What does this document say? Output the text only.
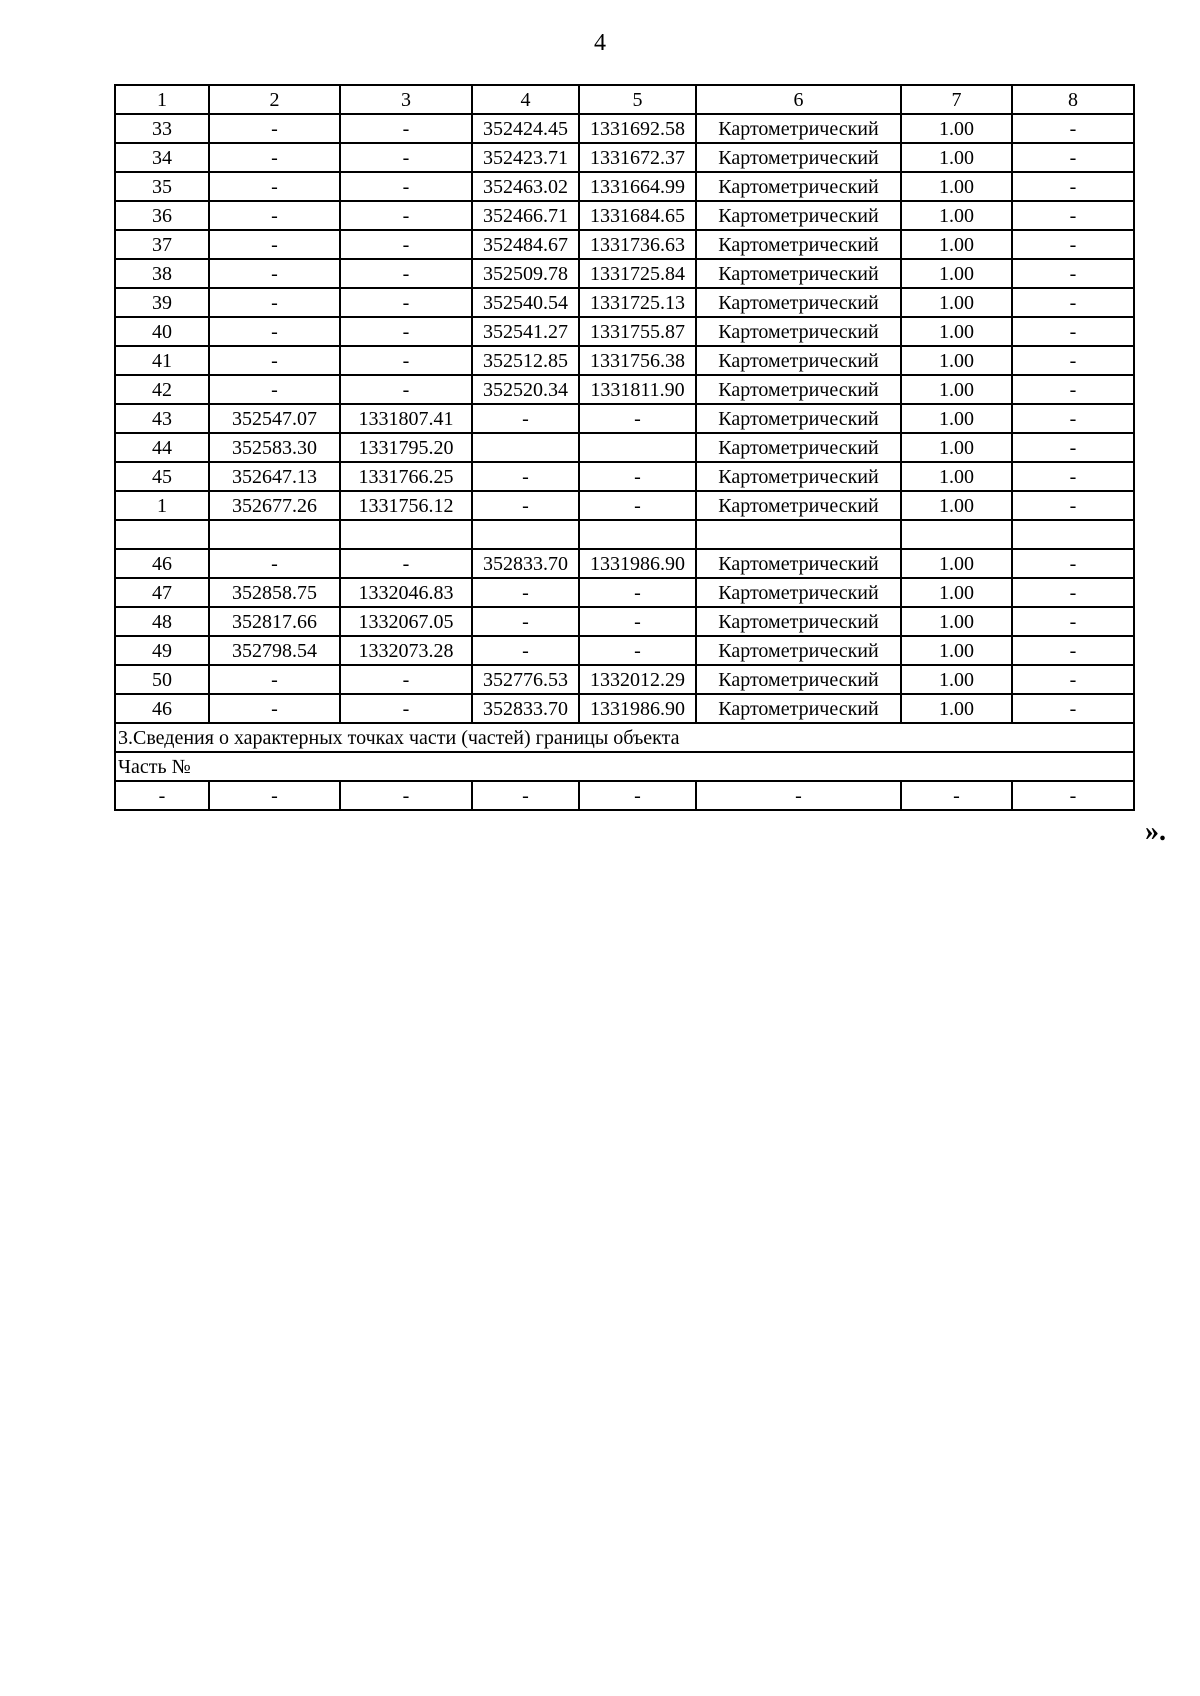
4
1	2	3	4	5	6	7	8
33	-	-	352424.45	1331692.58	Картометрический	1.00	-
34	-	-	352423.71	1331672.37	Картометрический	1.00	-
35	-	-	352463.02	1331664.99	Картометрический	1.00	-
36	-	-	352466.71	1331684.65	Картометрический	1.00	-
37	-	-	352484.67	1331736.63	Картометрический	1.00	-
38	-	-	352509.78	1331725.84	Картометрический	1.00	-
39	-	-	352540.54	1331725.13	Картометрический	1.00	-
40	-	-	352541.27	1331755.87	Картометрический	1.00	-
41	-	-	352512.85	1331756.38	Картометрический	1.00	-
42	-	-	352520.34	1331811.90	Картометрический	1.00	-
43	352547.07	1331807.41	-	-	Картометрический	1.00	-
44	352583.30	1331795.20			Картометрический	1.00	-
45	352647.13	1331766.25	-	-	Картометрический	1.00	-
1	352677.26	1331756.12	-	-	Картометрический	1.00	-

46	-	-	352833.70	1331986.90	Картометрический	1.00	-
47	352858.75	1332046.83	-	-	Картометрический	1.00	-
48	352817.66	1332067.05	-	-	Картометрический	1.00	-
49	352798.54	1332073.28	-	-	Картометрический	1.00	-
50	-	-	352776.53	1332012.29	Картометрический	1.00	-
46	-	-	352833.70	1331986.90	Картометрический	1.00	-
3.Сведения о характерных точках части (частей) границы объекта							
Часть №							
-	-	-	-	-	-	-	-
».
